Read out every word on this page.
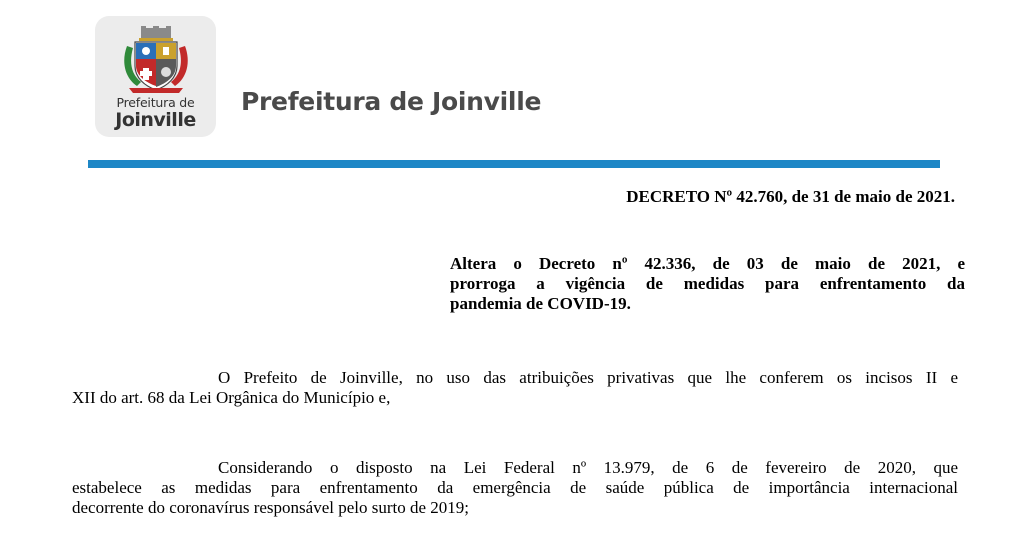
Prefeitura de
Joinville
Prefeitura de Joinville
DECRETO Nº 42.760, de 31 de maio de 2021.
Altera o Decreto nº 42.336, de 03 de maio de 2021, e
prorroga a vigência de medidas para enfrentamento da
pandemia de COVID-19.
O Prefeito de Joinville, no uso das atribuições privativas que lhe conferem os incisos II e
XII do art. 68 da Lei Orgânica do Município e,
Considerando o disposto na Lei Federal nº 13.979, de 6 de fevereiro de 2020, que
estabelece as medidas para enfrentamento da emergência de saúde pública de importância internacional
decorrente do coronavírus responsável pelo surto de 2019;
